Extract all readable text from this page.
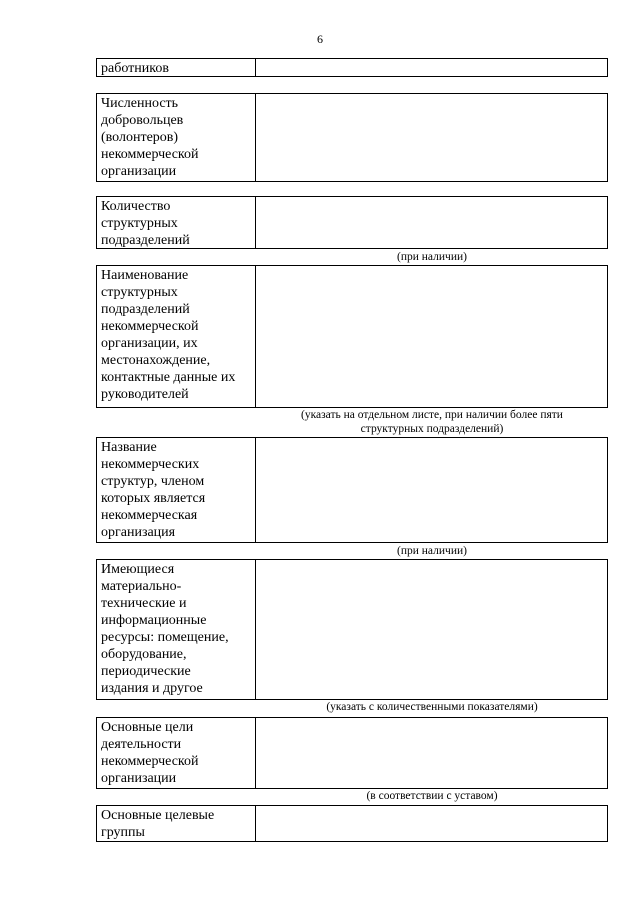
6
работников
Численность
добровольцев
(волонтеров)
некоммерческой
организации
Количество
структурных
подразделений
(при наличии)
Наименование
структурных
подразделений
некоммерческой
организации, их
местонахождение,
контактные данные их
руководителей
(указать на отдельном листе, при наличии более пяти
структурных подразделений)
Название
некоммерческих
структур, членом
которых является
некоммерческая
организация
(при наличии)
Имеющиеся
материально-
технические и
информационные
ресурсы: помещение,
оборудование,
периодические
издания и другое
(указать с количественными показателями)
Основные цели
деятельности
некоммерческой
организации
(в соответствии с уставом)
Основные целевые
группы
